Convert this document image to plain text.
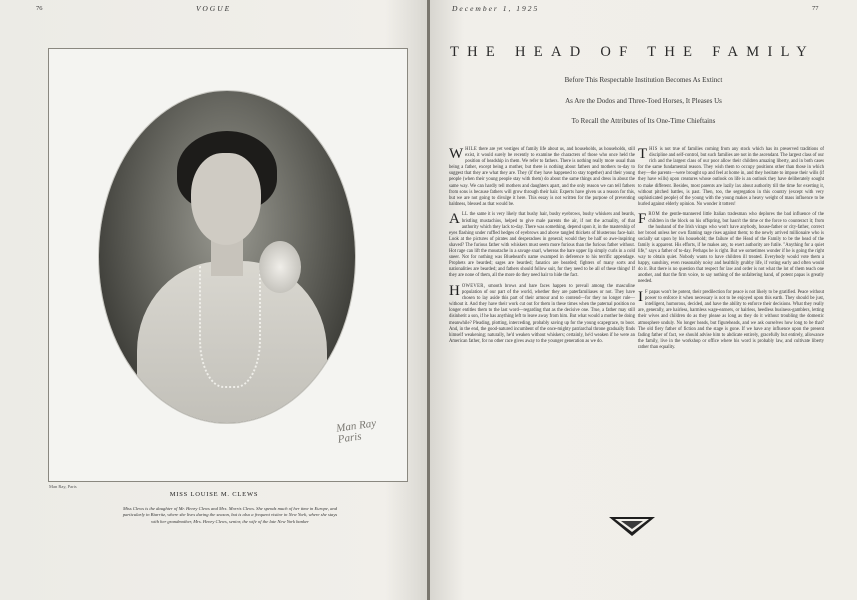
76	VOGUE
Man Ray
Paris
Man Ray, Paris
MISS LOUISE M. CLEWS
Miss Clews is the daughter of Mr. Henry Clews and Mrs. Morris Clews. She spends much of her time in Europe, and particularly in Biarritz, where she lives during the season, but is also a frequent visitor in New York, where she stays with her grandmother, Mrs. Henry Clews, senior, the wife of the late New York banker
December 1, 1925	77
THE HEAD OF THE FAMILY
Before This Respectable Institution Becomes As Extinct
As Are the Dodos and Three-Toed Horses, It Pleases Us
To Recall the Attributes of Its One-Time Chieftains

WHILE there are yet vestiges of family life about us, and households, as households, still exist, it would surely be recently to examine the characters of those who once held the position of headship in them. We refer to fathers. There is nothing really more usual than being a father, except being a mother, but there is nothing about fathers and mothers to-day to suggest that they are what they are. They (if they have happened to stay together) and their young people (when their young people stay with them) do about the same things and dress in about the same way. We can hardly tell mothers and daughters apart, and the only reason we can tell fathers from sons is because fathers will grow through their hair. Experts have given us a reason for this, but we are not going to divulge it here. This essay is not written for the purpose of preventing baldness, blessed as that would be.

ALL the same it is very likely that bushy hair, bushy eyebrows, bushy whiskers and beards, bristling mustachios, helped to give male parents the air, if not the actuality, of that authority which they lack to-day. There was something, depend upon it, in the mastership of eyes flashing under ruffled hedges of eyebrows and above tangled thickets of blusterous face-hair. Look at the pictures of pirates and desperadoes in general; would they be half so awe-inspiring shaved? The furious father with whiskers must seem more furious than the furious father without. Hot rage can lift the moustache in a savage snarl, whereas the bare upper lip simply curls in a cold sneer. Not for nothing was Bluebeard's name swamped in deference to his terrific appendage. Prophets are bearded; sages are bearded; fanatics are bearded; fighters of many sorts and nationalities are bearded; and fathers should follow suit, for they need to be all of these things! If they are none of them, all the more do they need hair to hide the fact.

HOWEVER, smooth brows and bare faces happen to prevail among the masculine population of our part of the world, whether they are paterfamiliases or not. They have chosen to lay aside this part of their armour and to contend—for they no longer rule—without it. And they have their work cut out for them in these times when the paternal position no longer entitles them to the last word—regarding that as the decisive one. True, a father may still disinherit a son, if he has anything left to leave away from him. But what would a mother be doing meanwhile? Pleading, plotting, interceding, probably saving up for the young scapegrace, to boot. And, in the end, the good-natured incumbent of the once-mighty patriarchal throne gradually finds himself weakening; naturally, he'd weaken without whiskers; certainly, he'd weaken if he were an American father, for no other race gives away to the younger generation as we do.

THIS is not true of families coming from any stock which has its preserved traditions of discipline and self-control, but such families are not in the ascendant. The largest class of our rich and the largest class of our poor allow their children amazing liberty, and in both cases for the same fundamental reason. They wish them to occupy positions other than those in which they—the parents—were brought up and feel at home in, and they hesitate to impose their wills (if they have wills) upon creatures whose outlook on life is an outlook they have deliberately sought to make different. Besides, most parents are lazily lax about authority till the time for exerting it, without pitched battles, is past. Then, too, the segregation in this country (except with very sophisticated people) of the young with the young makes a heavy weight of mass influence to be hurled against elderly opinion. No wonder it totters!

FROM the gentle-mannered little Italian tradesman who deplores the bad influence of the children in the block on his offspring, but hasn't the time or the force to counteract it; from the husband of the Irish virago who won't have anybody, house-father or city-father, correct her brood unless her own flaming rage rises against them; to the newly arrived millionaire who is socially sat upon by his household; the failure of the Head of the Family to be the head of the family is apparent. His efforts, if he makes any, to exert authority are futile. "Anything for a quiet life," says a father of to-day. Perhaps he is right. But we sometimes wonder if he is going the right way to obtain quiet. Nobody wants to have children ill treated. Everybody would vote them a happy, sunshiny, even reasonably noisy and healthily grubby life, if voting early and often would do it. But there is no question that respect for law and order is not what the lot of them teach one another, and that the firm voice, to say nothing of the unfaltering hand, of potent papas is greatly needed.

I F papas won't be potent, their predilection for peace is not likely to be gratified. Peace without power to enforce it when necessary is not to be enjoyed upon this earth. They should be just, intelligent, humorous, decided, and have the ability to enforce their decisions. What they really are, generally, are hairless, harmless wage-earners, or hairless, heedless business-gamblers, letting their wives and children do as they please as long as they do it without troubling the domestic atmosphere unduly. No longer heads, but figureheads, and we ask ourselves how long to be that? The old fiery father of fiction and the stage is gone. If we have any influence upon the present fading father of fact, we should advise him to abdicate entirely, gracefully but entirely, allowance the family, live in the workshop or office where his word is probably law, and cultivate liberty rather than equality.
